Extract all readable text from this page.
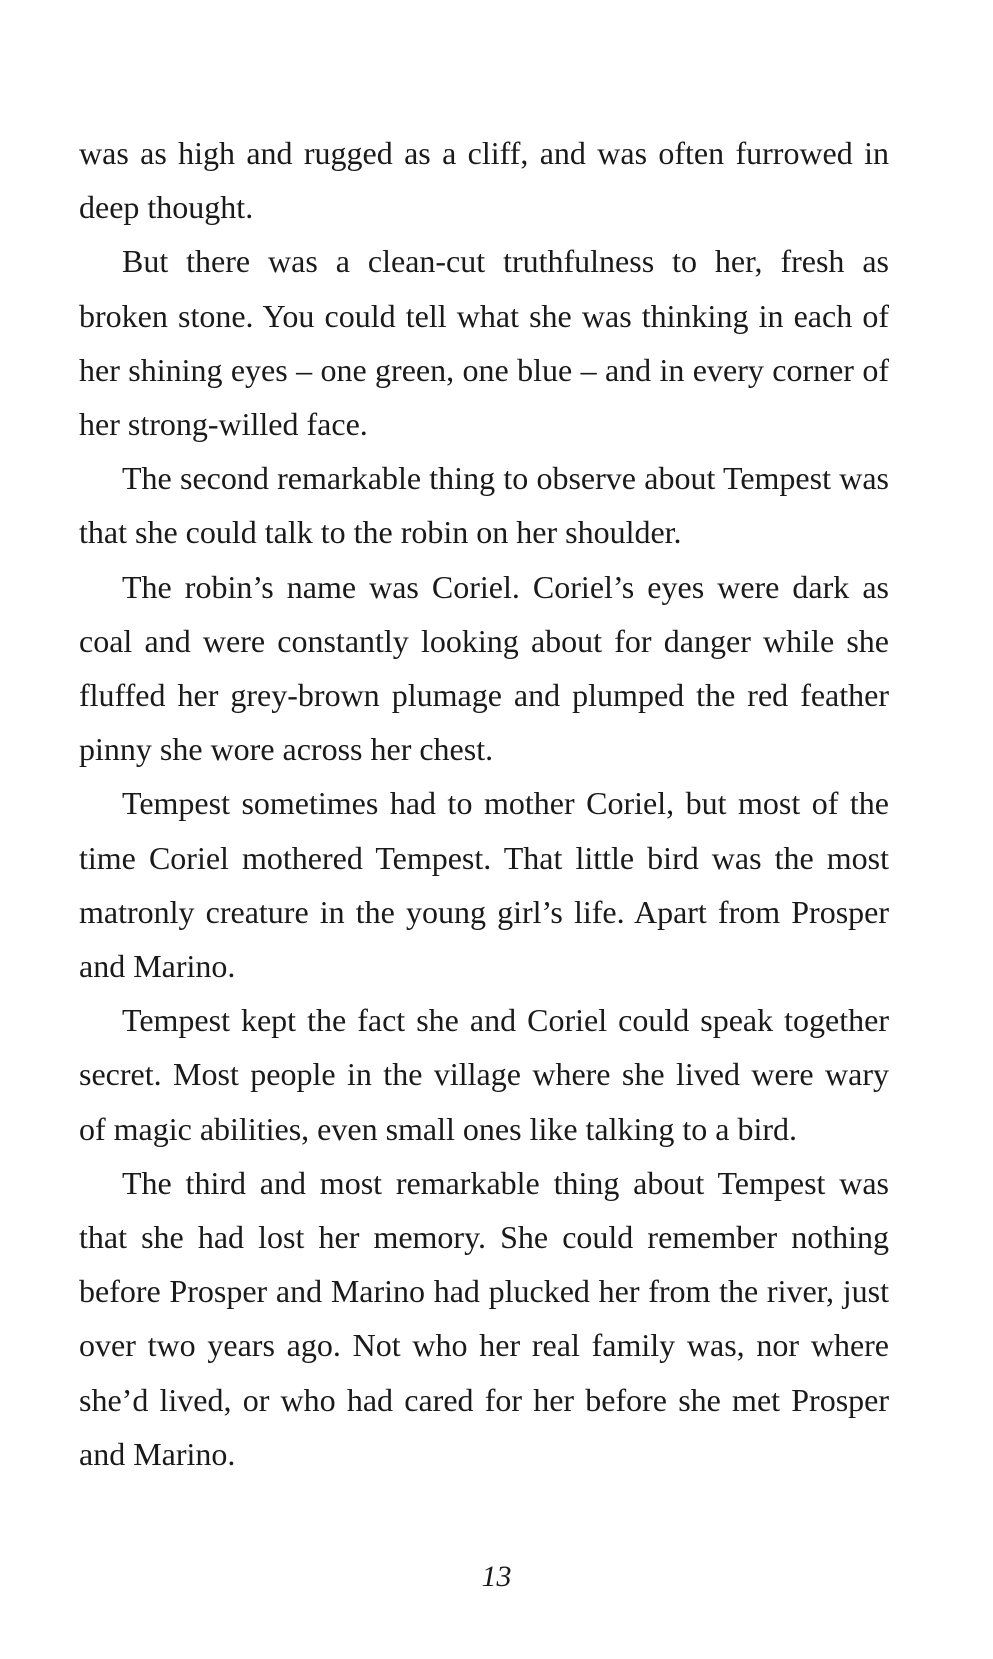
was as high and rugged as a cliff, and was often furrowed in deep thought.

But there was a clean-cut truthfulness to her, fresh as broken stone. You could tell what she was thinking in each of her shining eyes – one green, one blue – and in every corner of her strong-willed face.

The second remarkable thing to observe about Tempest was that she could talk to the robin on her shoulder.

The robin’s name was Coriel. Coriel’s eyes were dark as coal and were constantly looking about for danger while she fluffed her grey-brown plumage and plumped the red feather pinny she wore across her chest.

Tempest sometimes had to mother Coriel, but most of the time Coriel mothered Tempest. That little bird was the most matronly creature in the young girl’s life. Apart from Prosper and Marino.

Tempest kept the fact she and Coriel could speak together secret. Most people in the village where she lived were wary of magic abilities, even small ones like talking to a bird.

The third and most remarkable thing about Tempest was that she had lost her memory. She could remember nothing before Prosper and Marino had plucked her from the river, just over two years ago. Not who her real family was, nor where she’d lived, or who had cared for her before she met Prosper and Marino.

13
